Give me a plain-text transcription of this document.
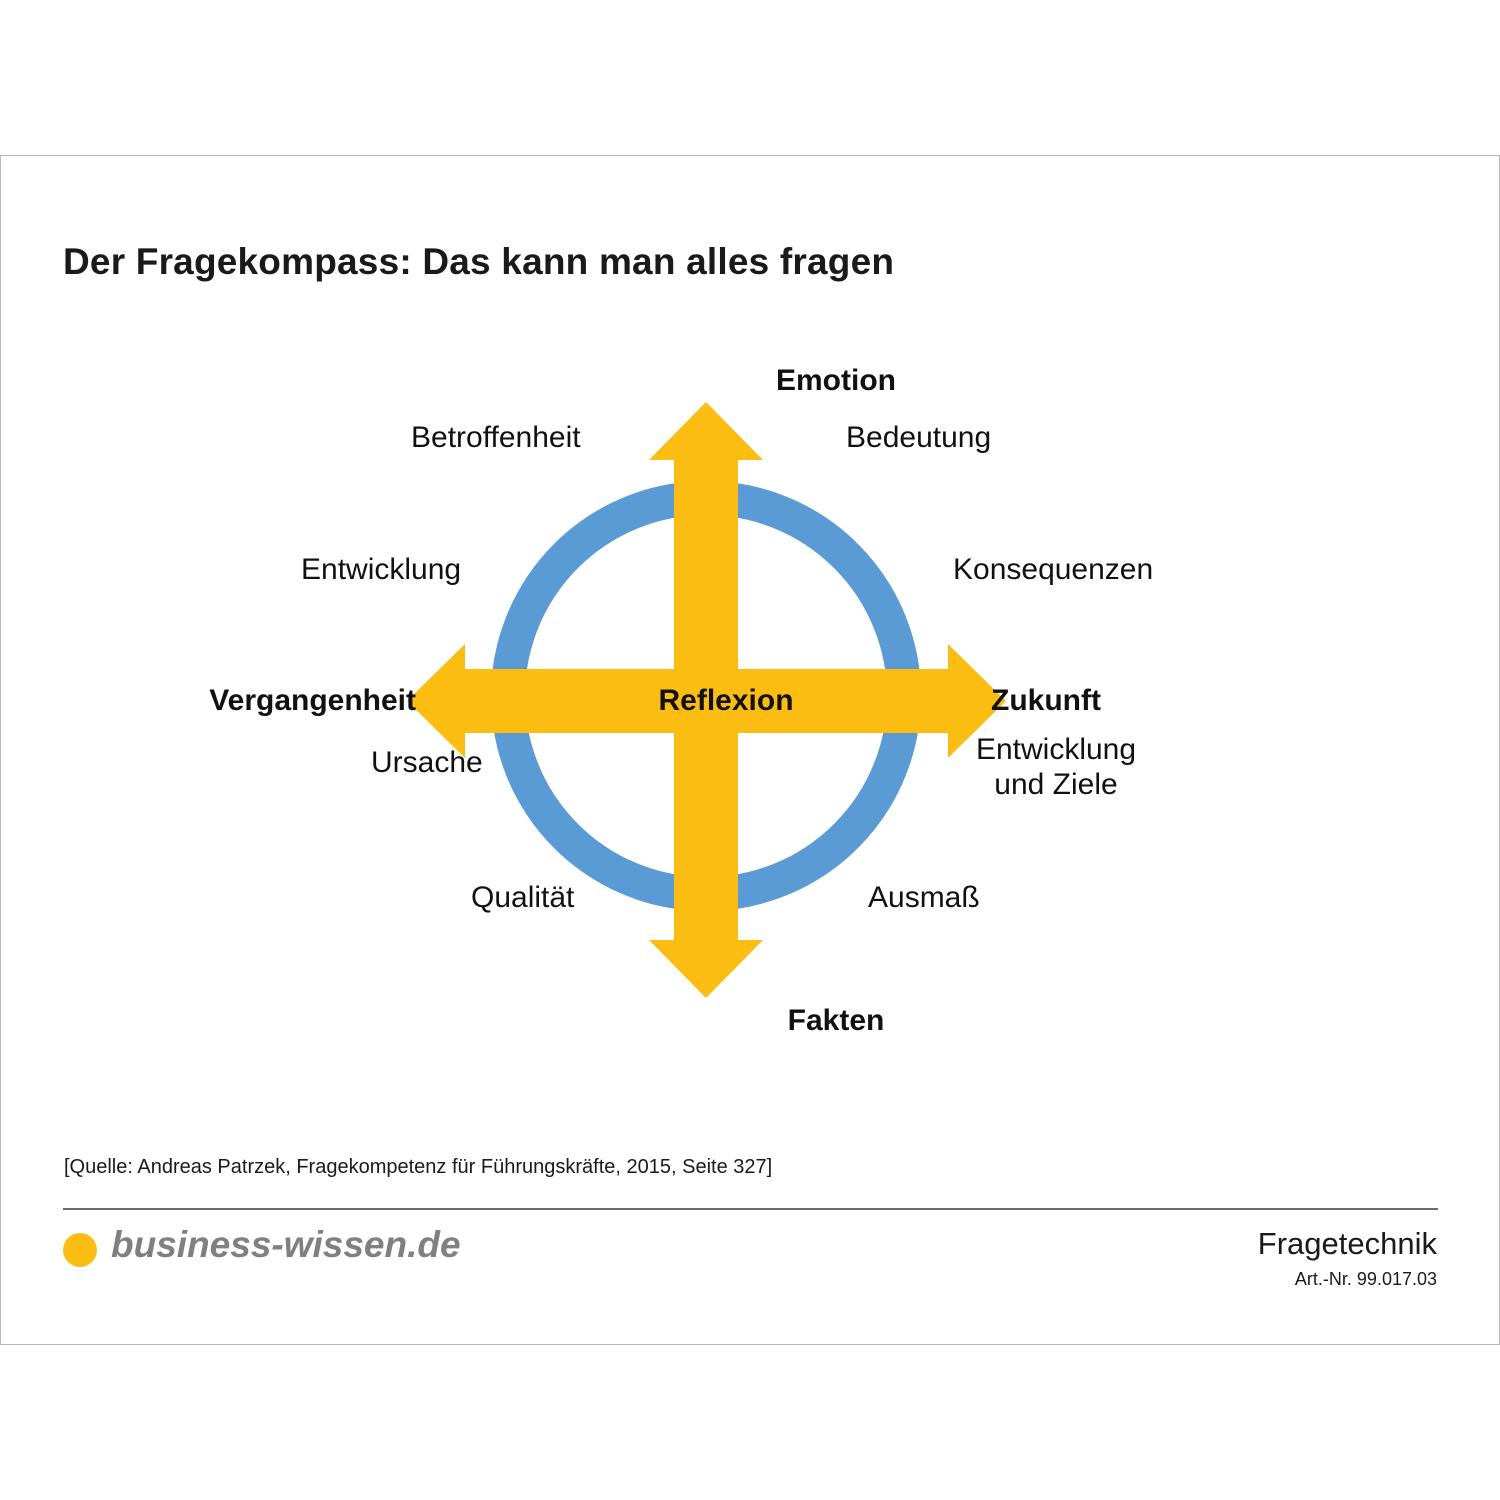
Der Fragekompass: Das kann man alles fragen
Emotion
Fakten
Vergangenheit	Zukunft
Reflexion
Betroffenheit	Bedeutung
Entwicklung	Konsequenzen
Ursache	Entwicklung
und Ziele
Qualität	Ausmaß
[Quelle: Andreas Patrzek, Fragekompetenz für Führungskräfte, 2015, Seite 327]
business-wissen.de	Fragetechnik
Art.-Nr. 99.017.03
